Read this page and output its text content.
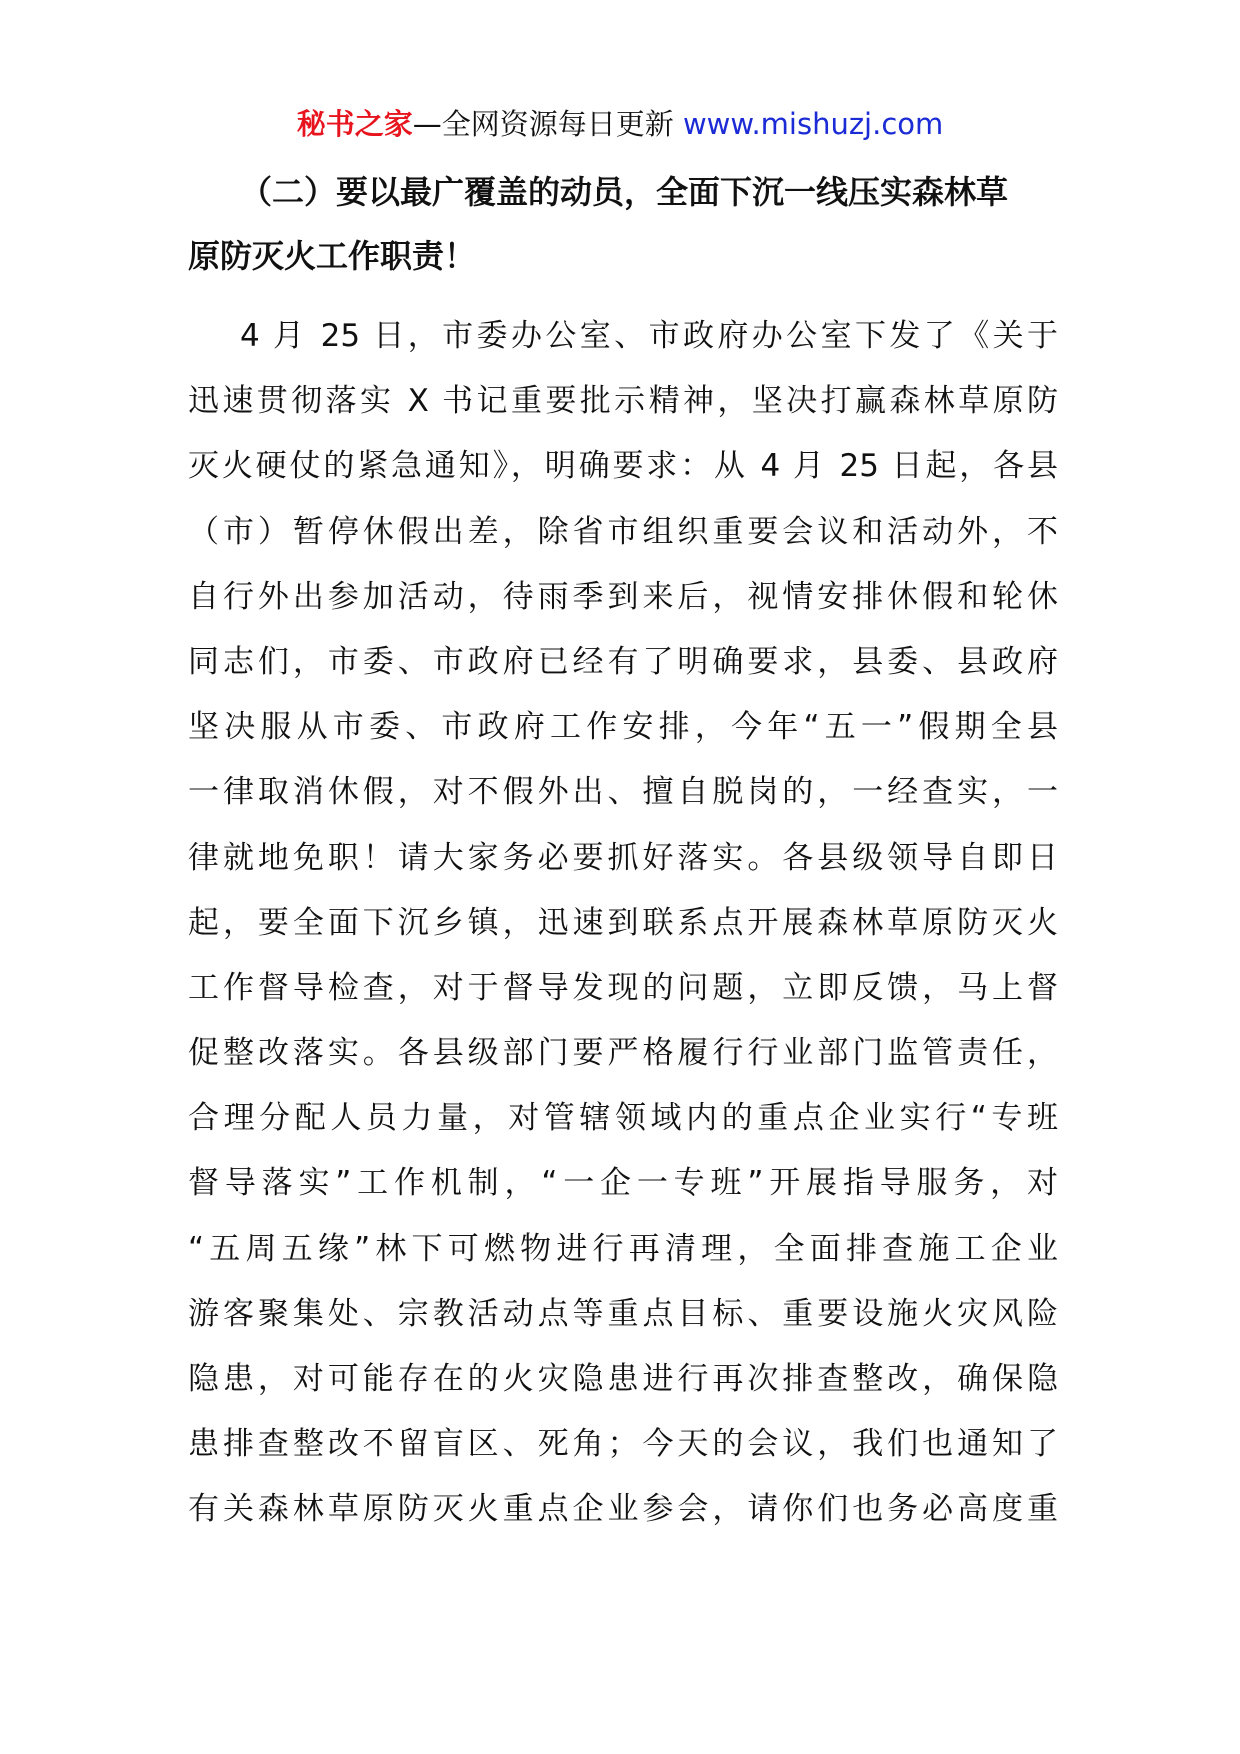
秘书之家—全网资源每日更新 www.mishuzj.com
（二）要以最广覆盖的动员，全面下沉一线压实森林草
原防灭火工作职责！
4 月 25 日，市委办公室、市政府办公室下发了《关于
迅速贯彻落实 X 书记重要批示精神，坚决打赢森林草原防
灭火硬仗的紧急通知》，明确要求：从 4 月 25 日起，各县
（市）暂停休假出差，除省市组织重要会议和活动外，不
自行外出参加活动，待雨季到来后，视情安排休假和轮休
同志们，市委、市政府已经有了明确要求，县委、县政府
坚决服从市委、市政府工作安排，今年“五一”假期全县
一律取消休假，对不假外出、擅自脱岗的，一经查实，一
律就地免职！请大家务必要抓好落实。各县级领导自即日
起，要全面下沉乡镇，迅速到联系点开展森林草原防灭火
工作督导检查，对于督导发现的问题，立即反馈，马上督
促整改落实。各县级部门要严格履行行业部门监管责任，
合理分配人员力量，对管辖领域内的重点企业实行“专班
督导落实”工作机制，“一企一专班”开展指导服务，对
“五周五缘”林下可燃物进行再清理，全面排查施工企业
游客聚集处、宗教活动点等重点目标、重要设施火灾风险
隐患，对可能存在的火灾隐患进行再次排查整改，确保隐
患排查整改不留盲区、死角；今天的会议，我们也通知了
有关森林草原防灭火重点企业参会，请你们也务必高度重
